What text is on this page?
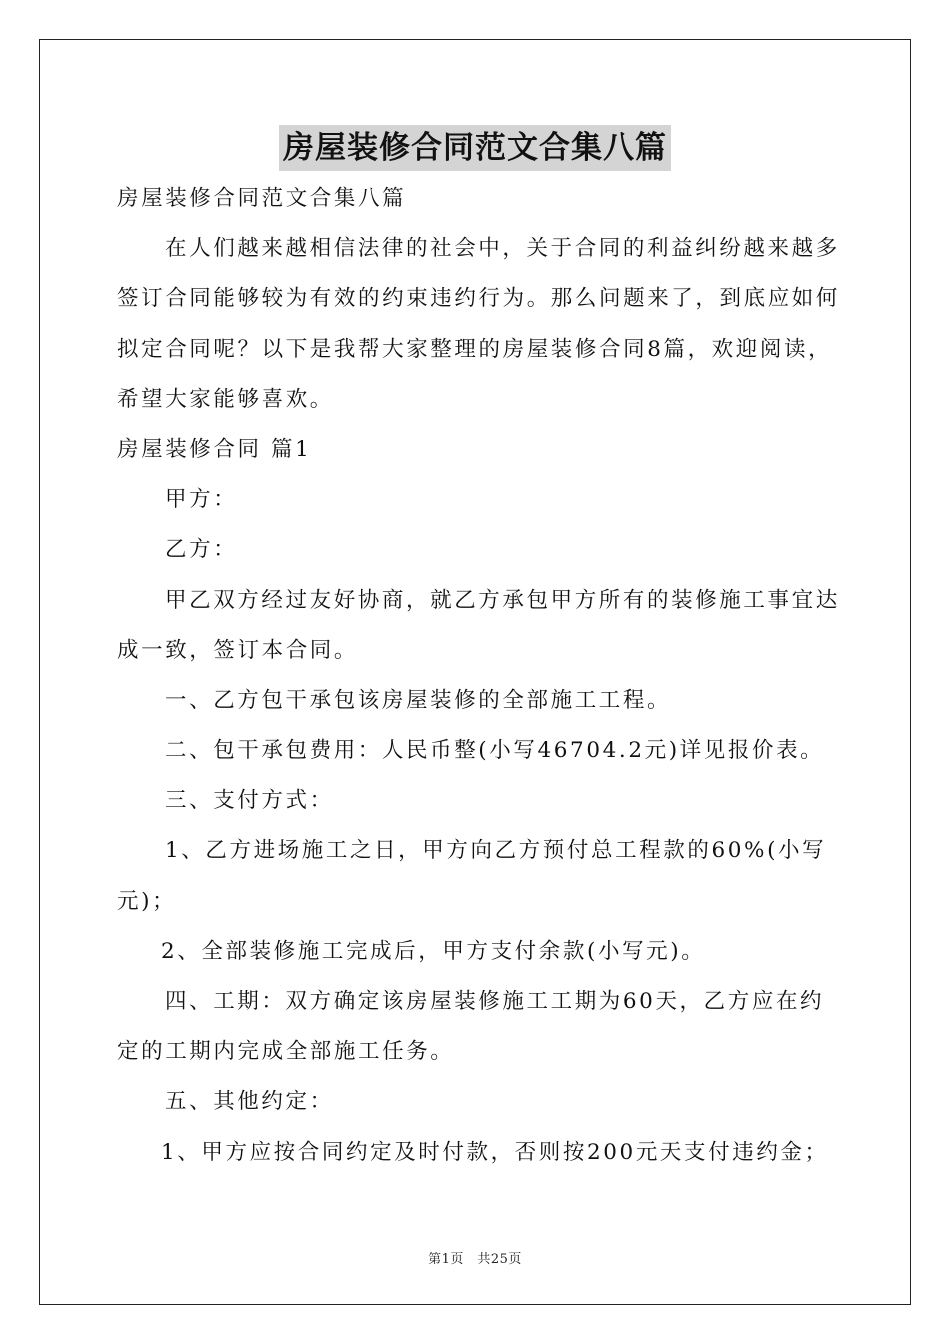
房屋装修合同范文合集八篇
房屋装修合同范文合集八篇
在人们越来越相信法律的社会中，关于合同的利益纠纷越来越多
签订合同能够较为有效的约束违约行为。那么问题来了，到底应如何
拟定合同呢？以下是我帮大家整理的房屋装修合同8篇，欢迎阅读，
希望大家能够喜欢。
房屋装修合同 篇1
甲方：
乙方：
甲乙双方经过友好协商，就乙方承包甲方所有的装修施工事宜达
成一致，签订本合同。
一、乙方包干承包该房屋装修的全部施工工程。
二、包干承包费用：人民币整(小写46704.2元)详见报价表。
三、支付方式：
1、乙方进场施工之日，甲方向乙方预付总工程款的60%(小写
元)；
2、全部装修施工完成后，甲方支付余款(小写元)。
四、工期：双方确定该房屋装修施工工期为60天，乙方应在约
定的工期内完成全部施工任务。
五、其他约定：
1、甲方应按合同约定及时付款，否则按200元天支付违约金；
第1页　共25页
